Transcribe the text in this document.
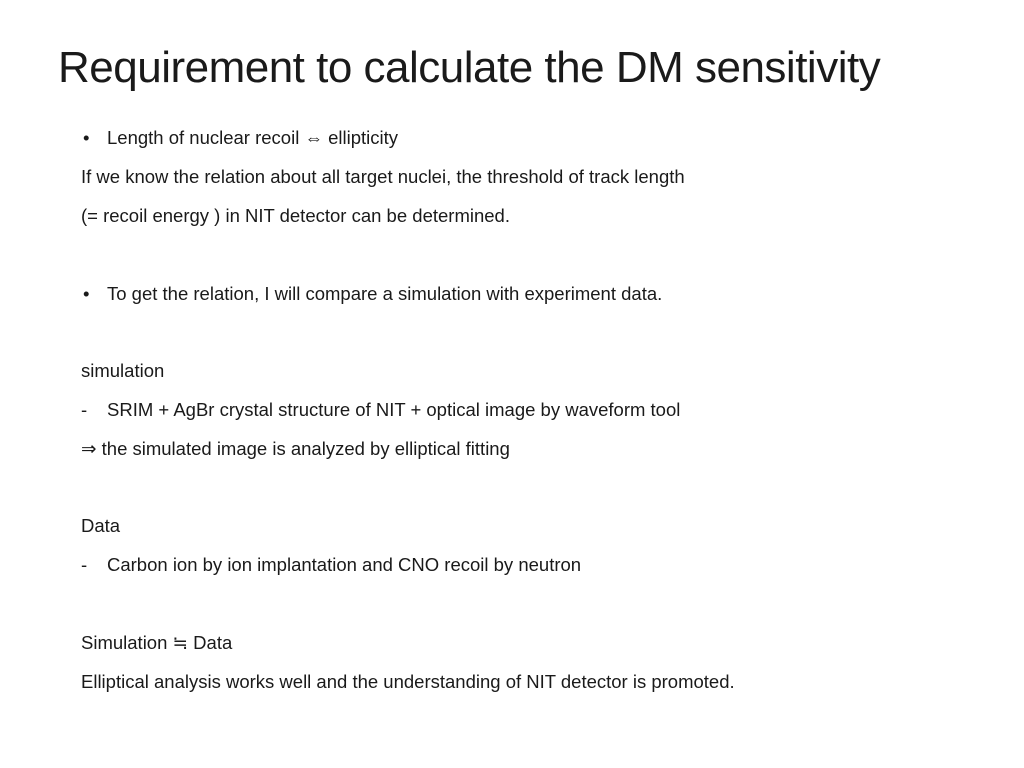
Requirement to calculate the DM sensitivity
• Length of nuclear recoil ⇔ ellipticity
If we know the relation about all target nuclei, the threshold of track length
(= recoil energy ) in NIT detector can be determined.
• To get the relation, I will compare a simulation with experiment data.
simulation
- SRIM + AgBr crystal structure of NIT + optical image by waveform tool
⇒ the simulated image is analyzed by elliptical fitting
Data
- Carbon ion by ion implantation and CNO recoil by neutron
Simulation ≒ Data
Elliptical analysis works well and the understanding of NIT detector is promoted.
